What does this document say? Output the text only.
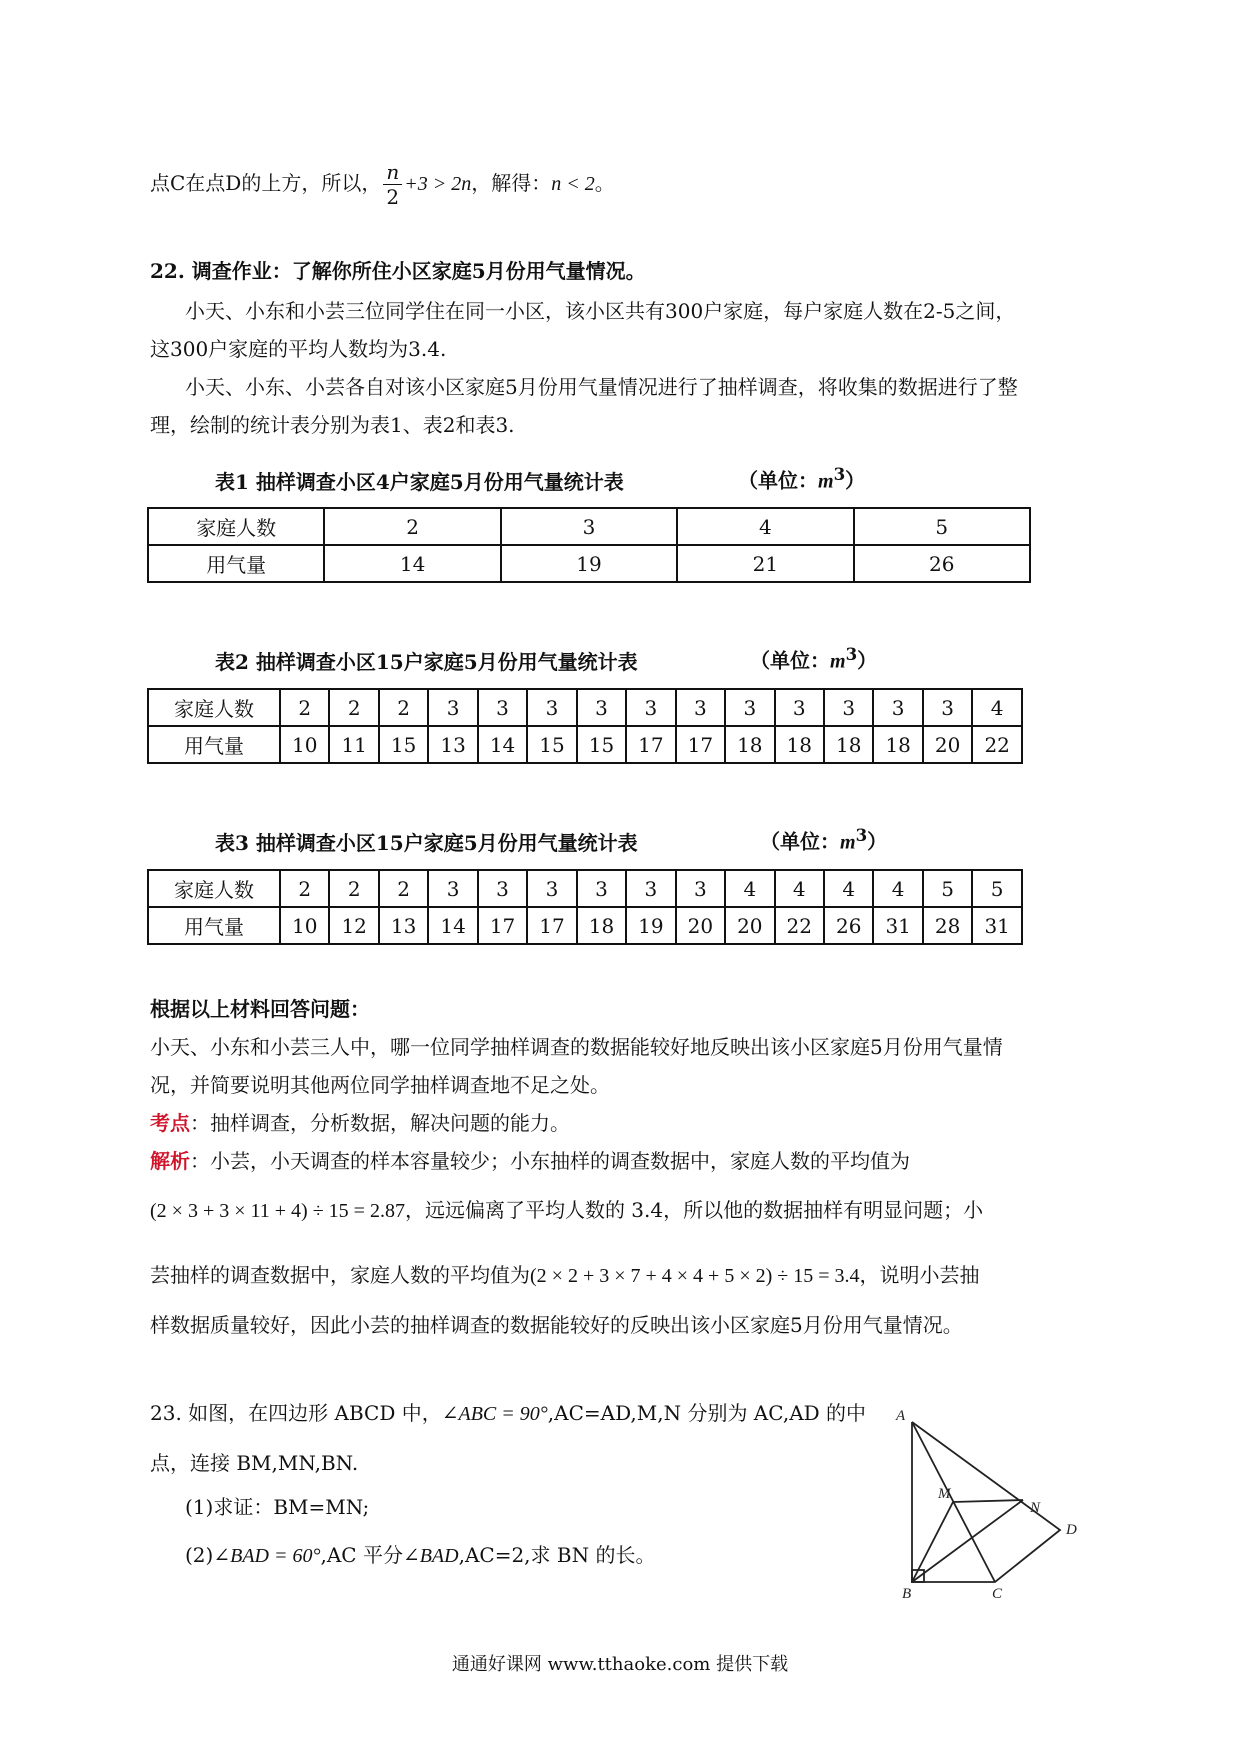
点C在点D的上方，所以， $\frac{n}{2} +3 > 2n$，解得：n < 2。
22. 调查作业：了解你所住小区家庭5月份用气量情况。
小天、小东和小芸三位同学住在同一小区，该小区共有300户家庭，每户家庭人数在2-5之间，
这300户家庭的平均人数均为3.4.
小天、小东、小芸各自对该小区家庭5月份用气量情况进行了抽样调查，将收集的数据进行了整
理，绘制的统计表分别为表1、表2和表3.
表1 抽样调查小区4户家庭5月份用气量统计表	（单位：$m^3$）
家庭人数	2	3	4	5
用气量	14	19	21	26
表2 抽样调查小区15户家庭5月份用气量统计表	（单位：$m^3$）
家庭人数	2	2	2	3	3	3	3	3	3	3	3	3	3	3	4
用气量	10	11	15	13	14	15	15	17	17	18	18	18	18	20	22
表3 抽样调查小区15户家庭5月份用气量统计表	（单位：$m^3$）
家庭人数	2	2	2	3	3	3	3	3	3	4	4	4	4	5	5
用气量	10	12	13	14	17	17	18	19	20	20	22	26	31	28	31
根据以上材料回答问题：
小天、小东和小芸三人中，哪一位同学抽样调查的数据能较好地反映出该小区家庭5月份用气量情
况，并简要说明其他两位同学抽样调查地不足之处。
考点：抽样调查，分析数据，解决问题的能力。
解析：小芸，小天调查的样本容量较少；小东抽样的调查数据中，家庭人数的平均值为
(2 × 3 + 3 × 11 + 4) ÷ 15 = 2.87，远远偏离了平均人数的 3.4，所以他的数据抽样有明显问题；小
芸抽样的调查数据中，家庭人数的平均值为(2 × 2 + 3 × 7 + 4 × 4 + 5 × 2) ÷ 15 = 3.4，说明小芸抽
样数据质量较好，因此小芸的抽样调查的数据能较好的反映出该小区家庭5月份用气量情况。
23. 如图，在四边形 ABCD 中，∠ABC = 90°,AC=AD,M,N 分别为 AC,AD 的中
点，连接 BM,MN,BN.
(1)求证：BM=MN;
(2)∠BAD = 60°,AC 平分∠BAD,AC=2,求 BN 的长。
A
B	C
D
M
N
通通好课网 www.tthaoke.com 提供下载
